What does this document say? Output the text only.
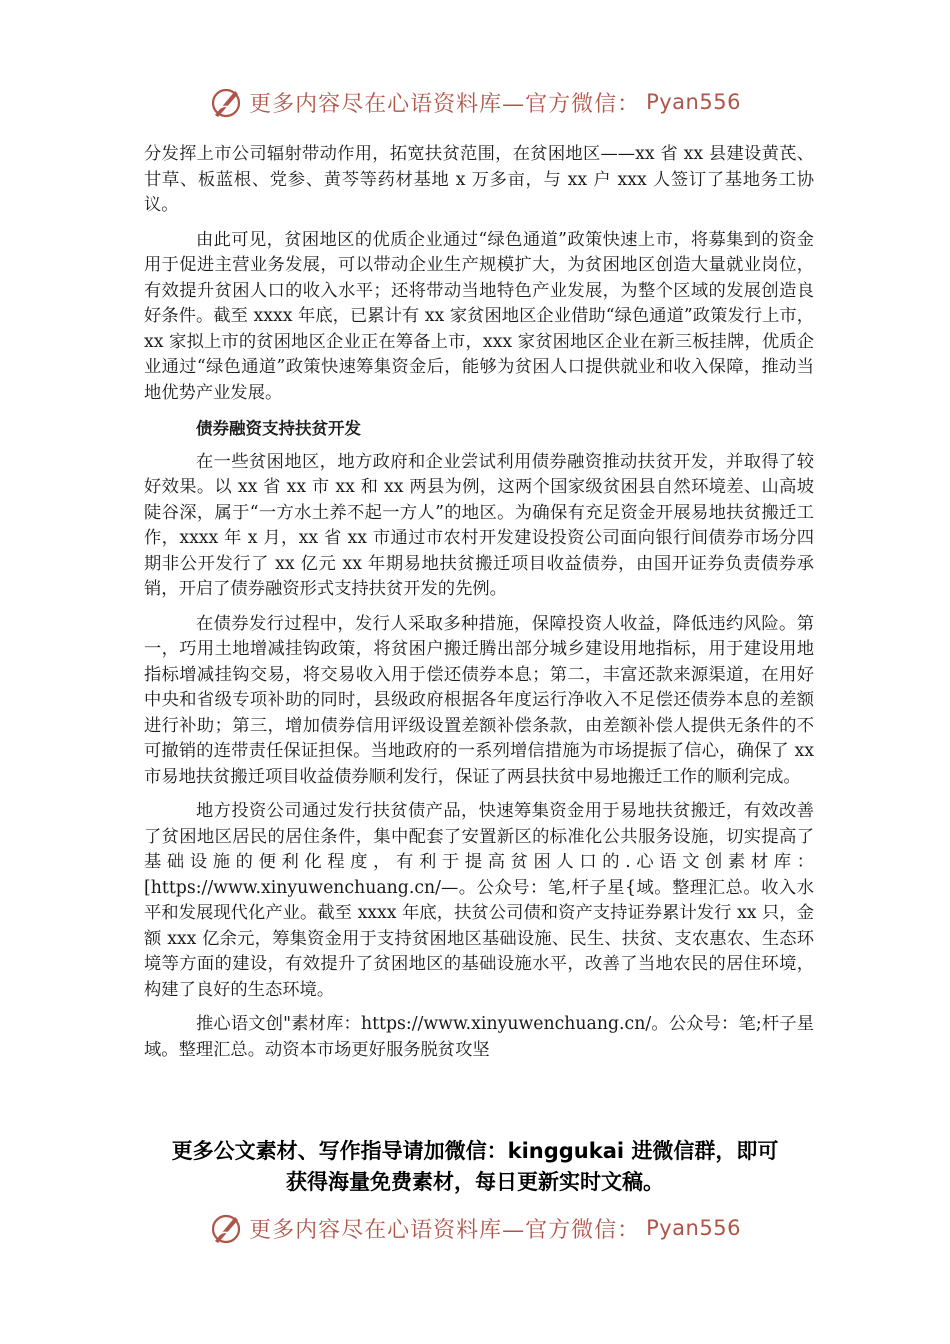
更多内容尽在心语资料库—官方微信： Pyan556

分发挥上市公司辐射带动作用，拓宽扶贫范围，在贫困地区——xx 省 xx 县建设黄芪、甘草、板蓝根、党参、黄芩等药材基地 x 万多亩，与 xx 户 xxx 人签订了基地务工协议。

由此可见，贫困地区的优质企业通过“绿色通道”政策快速上市，将募集到的资金用于促进主营业务发展，可以带动企业生产规模扩大，为贫困地区创造大量就业岗位，有效提升贫困人口的收入水平；还将带动当地特色产业发展，为整个区域的发展创造良好条件。截至 xxxx 年底，已累计有 xx 家贫困地区企业借助“绿色通道”政策发行上市，xx 家拟上市的贫困地区企业正在筹备上市，xxx 家贫困地区企业在新三板挂牌，优质企业通过“绿色通道”政策快速筹集资金后，能够为贫困人口提供就业和收入保障，推动当地优势产业发展。

债券融资支持扶贫开发

在一些贫困地区，地方政府和企业尝试利用债券融资推动扶贫开发，并取得了较好效果。以 xx 省 xx 市 xx 和 xx 两县为例，这两个国家级贫困县自然环境差、山高坡陡谷深，属于“一方水土养不起一方人”的地区。为确保有充足资金开展易地扶贫搬迁工作，xxxx 年 x 月，xx 省 xx 市通过市农村开发建设投资公司面向银行间债券市场分四期非公开发行了 xx 亿元 xx 年期易地扶贫搬迁项目收益债券，由国开证券负责债券承销，开启了债券融资形式支持扶贫开发的先例。

在债券发行过程中，发行人采取多种措施，保障投资人收益，降低违约风险。第一，巧用土地增减挂钩政策，将贫困户搬迁腾出部分城乡建设用地指标，用于建设用地指标增减挂钩交易，将交易收入用于偿还债券本息；第二，丰富还款来源渠道，在用好中央和省级专项补助的同时，县级政府根据各年度运行净收入不足偿还债券本息的差额进行补助；第三，增加债券信用评级设置差额补偿条款，由差额补偿人提供无条件的不可撤销的连带责任保证担保。当地政府的一系列增信措施为市场提振了信心，确保了 xx 市易地扶贫搬迁项目收益债券顺利发行，保证了两县扶贫中易地搬迁工作的顺利完成。

地方投资公司通过发行扶贫债产品，快速筹集资金用于易地扶贫搬迁，有效改善了贫困地区居民的居住条件，集中配套了安置新区的标准化公共服务设施，切实提高了基础设施的便利化程度，有利于提高贫困人口的.心语文创素材库：[https://www.xinyuwenchuang.cn/—。公众号：笔,杆子星{域。整理汇总。收入水平和发展现代化产业。截至 xxxx 年底，扶贫公司债和资产支持证券累计发行 xx 只，金额 xxx 亿余元，筹集资金用于支持贫困地区基础设施、民生、扶贫、支农惠农、生态环境等方面的建设，有效提升了贫困地区的基础设施水平，改善了当地农民的居住环境，构建了良好的生态环境。

推心语文创"素材库：https://www.xinyuwenchuang.cn/。公众号：笔;杆子星域。整理汇总。动资本市场更好服务脱贫攻坚

更多公文素材、写作指导请加微信：kinggukai 进微信群，即可
获得海量免费素材，每日更新实时文稿。
更多内容尽在心语资料库—官方微信： Pyan556
